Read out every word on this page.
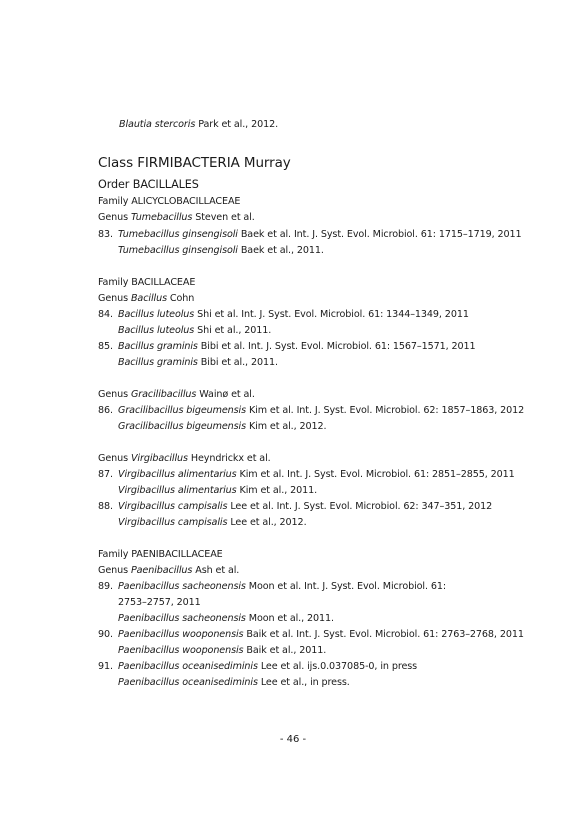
Blautia stercoris Park et al., 2012.
Class FIRMIBACTERIA Murray
Order BACILLALES
Family ALICYCLOBACILLACEAE
Genus Tumebacillus Steven et al.
83. Tumebacillus ginsengisoli Baek et al. Int. J. Syst. Evol. Microbiol. 61: 1715–1719, 2011
Tumebacillus ginsengisoli Baek et al., 2011.
Family BACILLACEAE
Genus Bacillus Cohn
84. Bacillus luteolus Shi et al. Int. J. Syst. Evol. Microbiol. 61: 1344–1349, 2011
Bacillus luteolus Shi et al., 2011.
85. Bacillus graminis Bibi et al. Int. J. Syst. Evol. Microbiol. 61: 1567–1571, 2011
Bacillus graminis Bibi et al., 2011.
Genus Gracilibacillus Wainø et al.
86. Gracilibacillus bigeumensis Kim et al. Int. J. Syst. Evol. Microbiol. 62: 1857–1863, 2012
Gracilibacillus bigeumensis Kim et al., 2012.
Genus Virgibacillus Heyndrickx et al.
87. Virgibacillus alimentarius Kim et al. Int. J. Syst. Evol. Microbiol. 61: 2851–2855, 2011
Virgibacillus alimentarius Kim et al., 2011.
88. Virgibacillus campisalis Lee et al. Int. J. Syst. Evol. Microbiol. 62: 347–351, 2012
Virgibacillus campisalis Lee et al., 2012.
Family PAENIBACILLACEAE
Genus Paenibacillus Ash et al.
89. Paenibacillus sacheonensis Moon et al. Int. J. Syst. Evol. Microbiol. 61:
2753–2757, 2011
Paenibacillus sacheonensis Moon et al., 2011.
90. Paenibacillus wooponensis Baik et al. Int. J. Syst. Evol. Microbiol. 61: 2763–2768, 2011
Paenibacillus wooponensis Baik et al., 2011.
91. Paenibacillus oceanisediminis Lee et al. ijs.0.037085-0, in press
Paenibacillus oceanisediminis Lee et al., in press.
- 46 -
